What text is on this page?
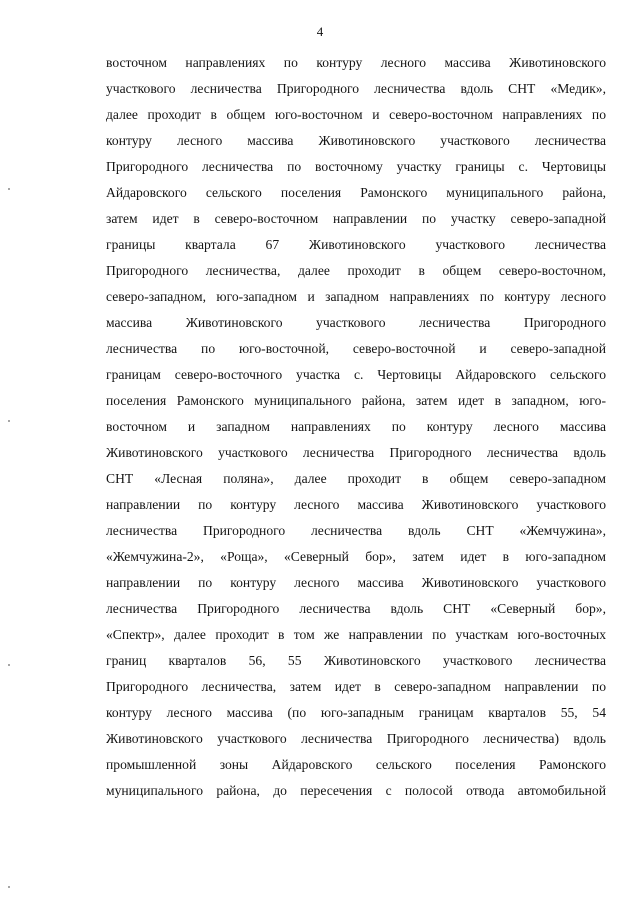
4
восточном направлениях по контуру лесного массива Животиновского
участкового лесничества Пригородного лесничества вдоль СНТ «Медик»,
далее проходит в общем юго-восточном и северо-восточном направлениях по
контуру лесного массива Животиновского участкового лесничества
Пригородного лесничества по восточному участку границы с. Чертовицы
Айдаровского сельского поселения Рамонского муниципального района,
затем идет в северо-восточном направлении по участку северо-западной
границы квартала 67 Животиновского участкового лесничества
Пригородного лесничества, далее проходит в общем северо-восточном,
северо-западном, юго-западном и западном направлениях по контуру лесного
массива Животиновского участкового лесничества Пригородного
лесничества по юго-восточной, северо-восточной и северо-западной
границам северо-восточного участка с. Чертовицы Айдаровского сельского
поселения Рамонского муниципального района, затем идет в западном, юго-
восточном и западном направлениях по контуру лесного массива
Животиновского участкового лесничества Пригородного лесничества вдоль
СНТ «Лесная поляна», далее проходит в общем северо-западном
направлении по контуру лесного массива Животиновского участкового
лесничества Пригородного лесничества вдоль СНТ «Жемчужина»,
«Жемчужина-2», «Роща», «Северный бор», затем идет в юго-западном
направлении по контуру лесного массива Животиновского участкового
лесничества Пригородного лесничества вдоль СНТ «Северный бор»,
«Спектр», далее проходит в том же направлении по участкам юго-восточных
границ кварталов 56, 55 Животиновского участкового лесничества
Пригородного лесничества, затем идет в северо-западном направлении по
контуру лесного массива (по юго-западным границам кварталов 55, 54
Животиновского участкового лесничества Пригородного лесничества) вдоль
промышленной зоны Айдаровского сельского поселения Рамонского
муниципального района, до пересечения с полосой отвода автомобильной
